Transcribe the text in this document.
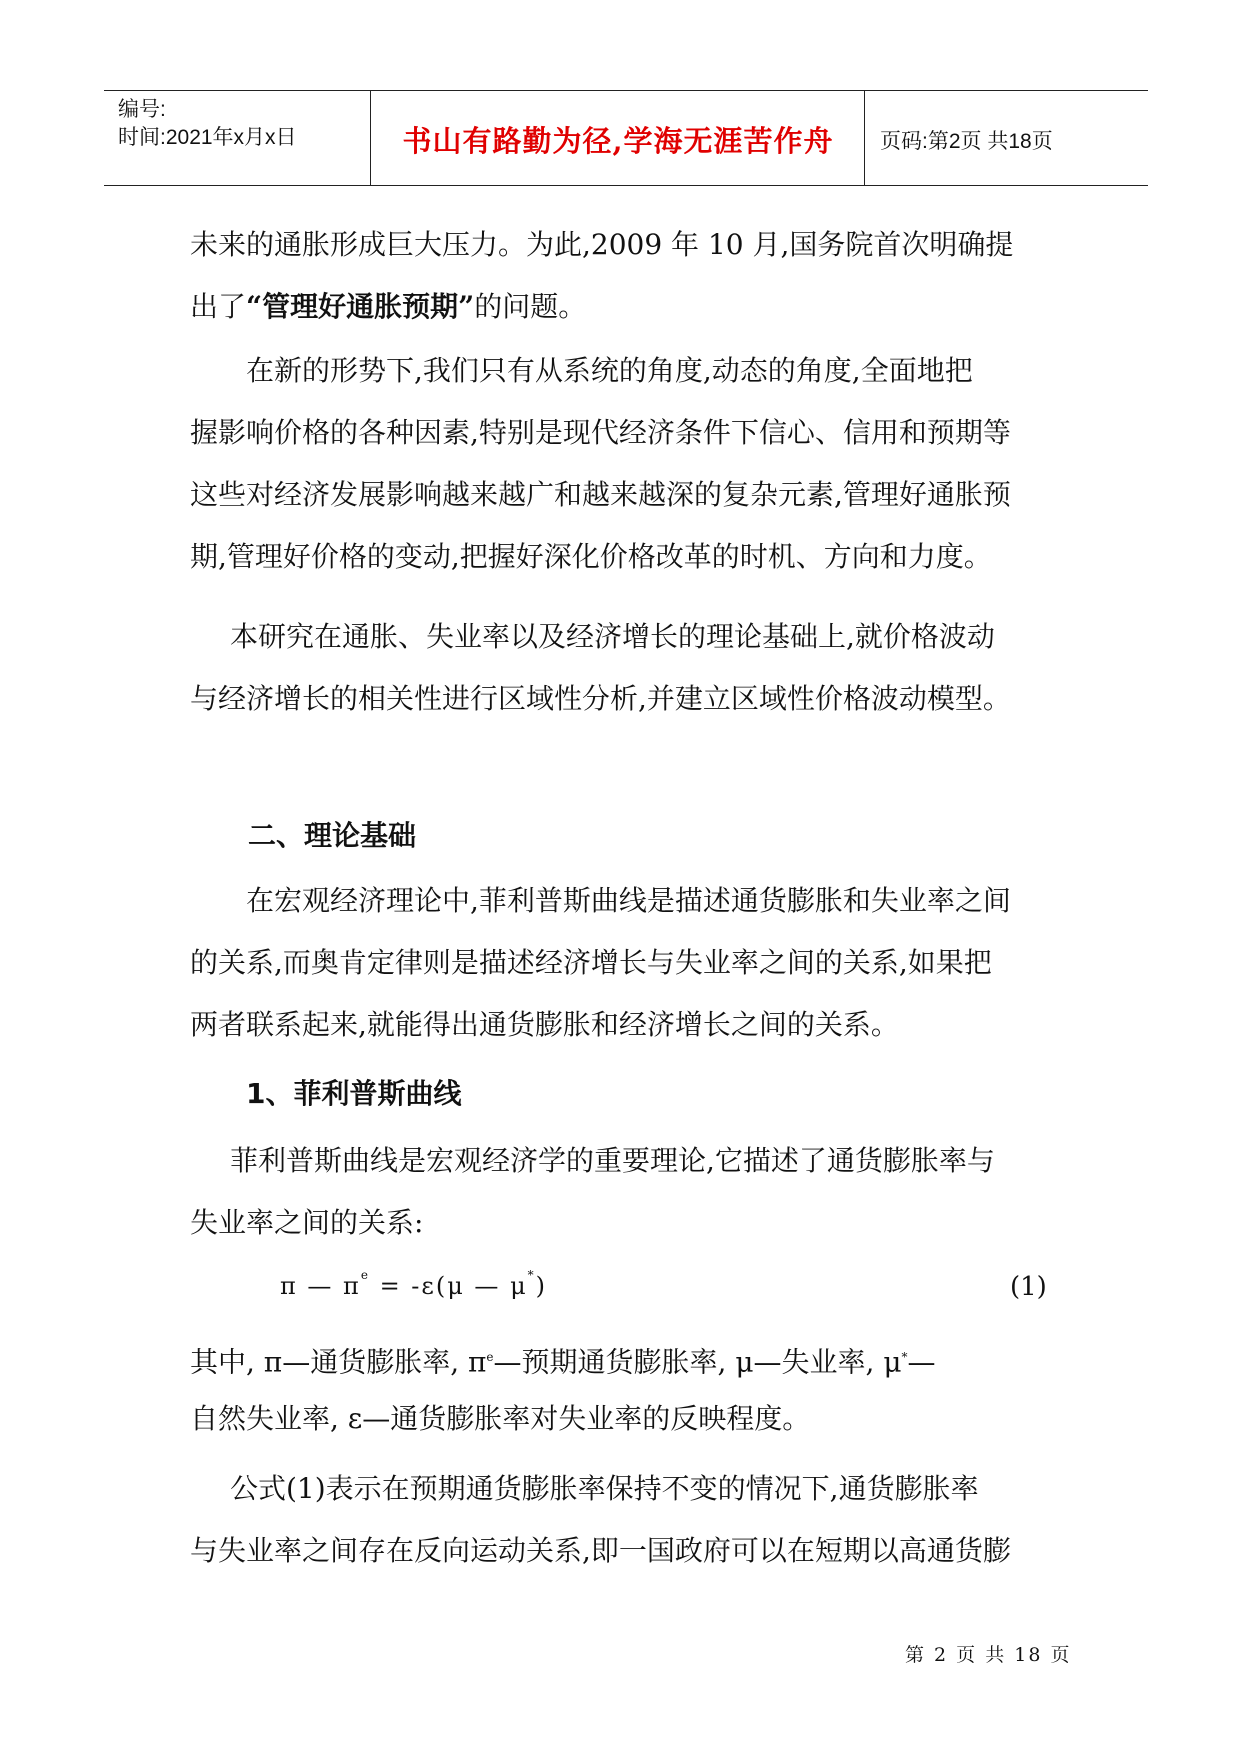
编号:
时间:2021年x月x日	书山有路勤为径,学海无涯苦作舟	页码:第2页 共18页
未来的通胀形成巨大压力。为此,2009 年 10 月,国务院首次明确提
出了“管理好通胀预期”的问题。
在新的形势下,我们只有从系统的角度,动态的角度,全面地把
握影响价格的各种因素,特别是现代经济条件下信心、信用和预期等
这些对经济发展影响越来越广和越来越深的复杂元素,管理好通胀预
期,管理好价格的变动,把握好深化价格改革的时机、方向和力度。
本研究在通胀、失业率以及经济增长的理论基础上,就价格波动
与经济增长的相关性进行区域性分析,并建立区域性价格波动模型。
二、理论基础
在宏观经济理论中,菲利普斯曲线是描述通货膨胀和失业率之间
的关系,而奥肯定律则是描述经济增长与失业率之间的关系,如果把
两者联系起来,就能得出通货膨胀和经济增长之间的关系。
1、菲利普斯曲线
菲利普斯曲线是宏观经济学的重要理论,它描述了通货膨胀率与
失业率之间的关系:
π — $\pi^e = -\varepsilon(\mu$ — μ*)	(1)
其中, π—通货膨胀率, $\pi^e—$预期通货膨胀率, μ—失业率, μ*—
自然失业率, ε—通货膨胀率对失业率的反映程度。
公式(1)表示在预期通货膨胀率保持不变的情况下,通货膨胀率
与失业率之间存在反向运动关系,即一国政府可以在短期以高通货膨
第 2 页 共 18 页
